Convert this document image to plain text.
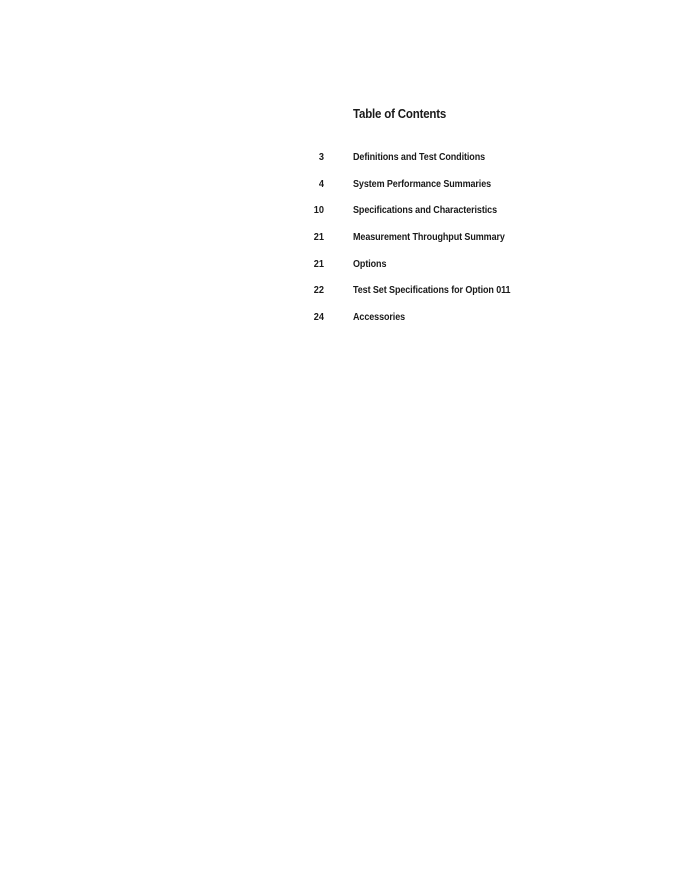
Table of Contents
3	Definitions and Test Conditions
4	System Performance Summaries
10	Specifications and Characteristics
21	Measurement Throughput Summary
21	Options
22	Test Set Specifications for Option 011
24	Accessories
